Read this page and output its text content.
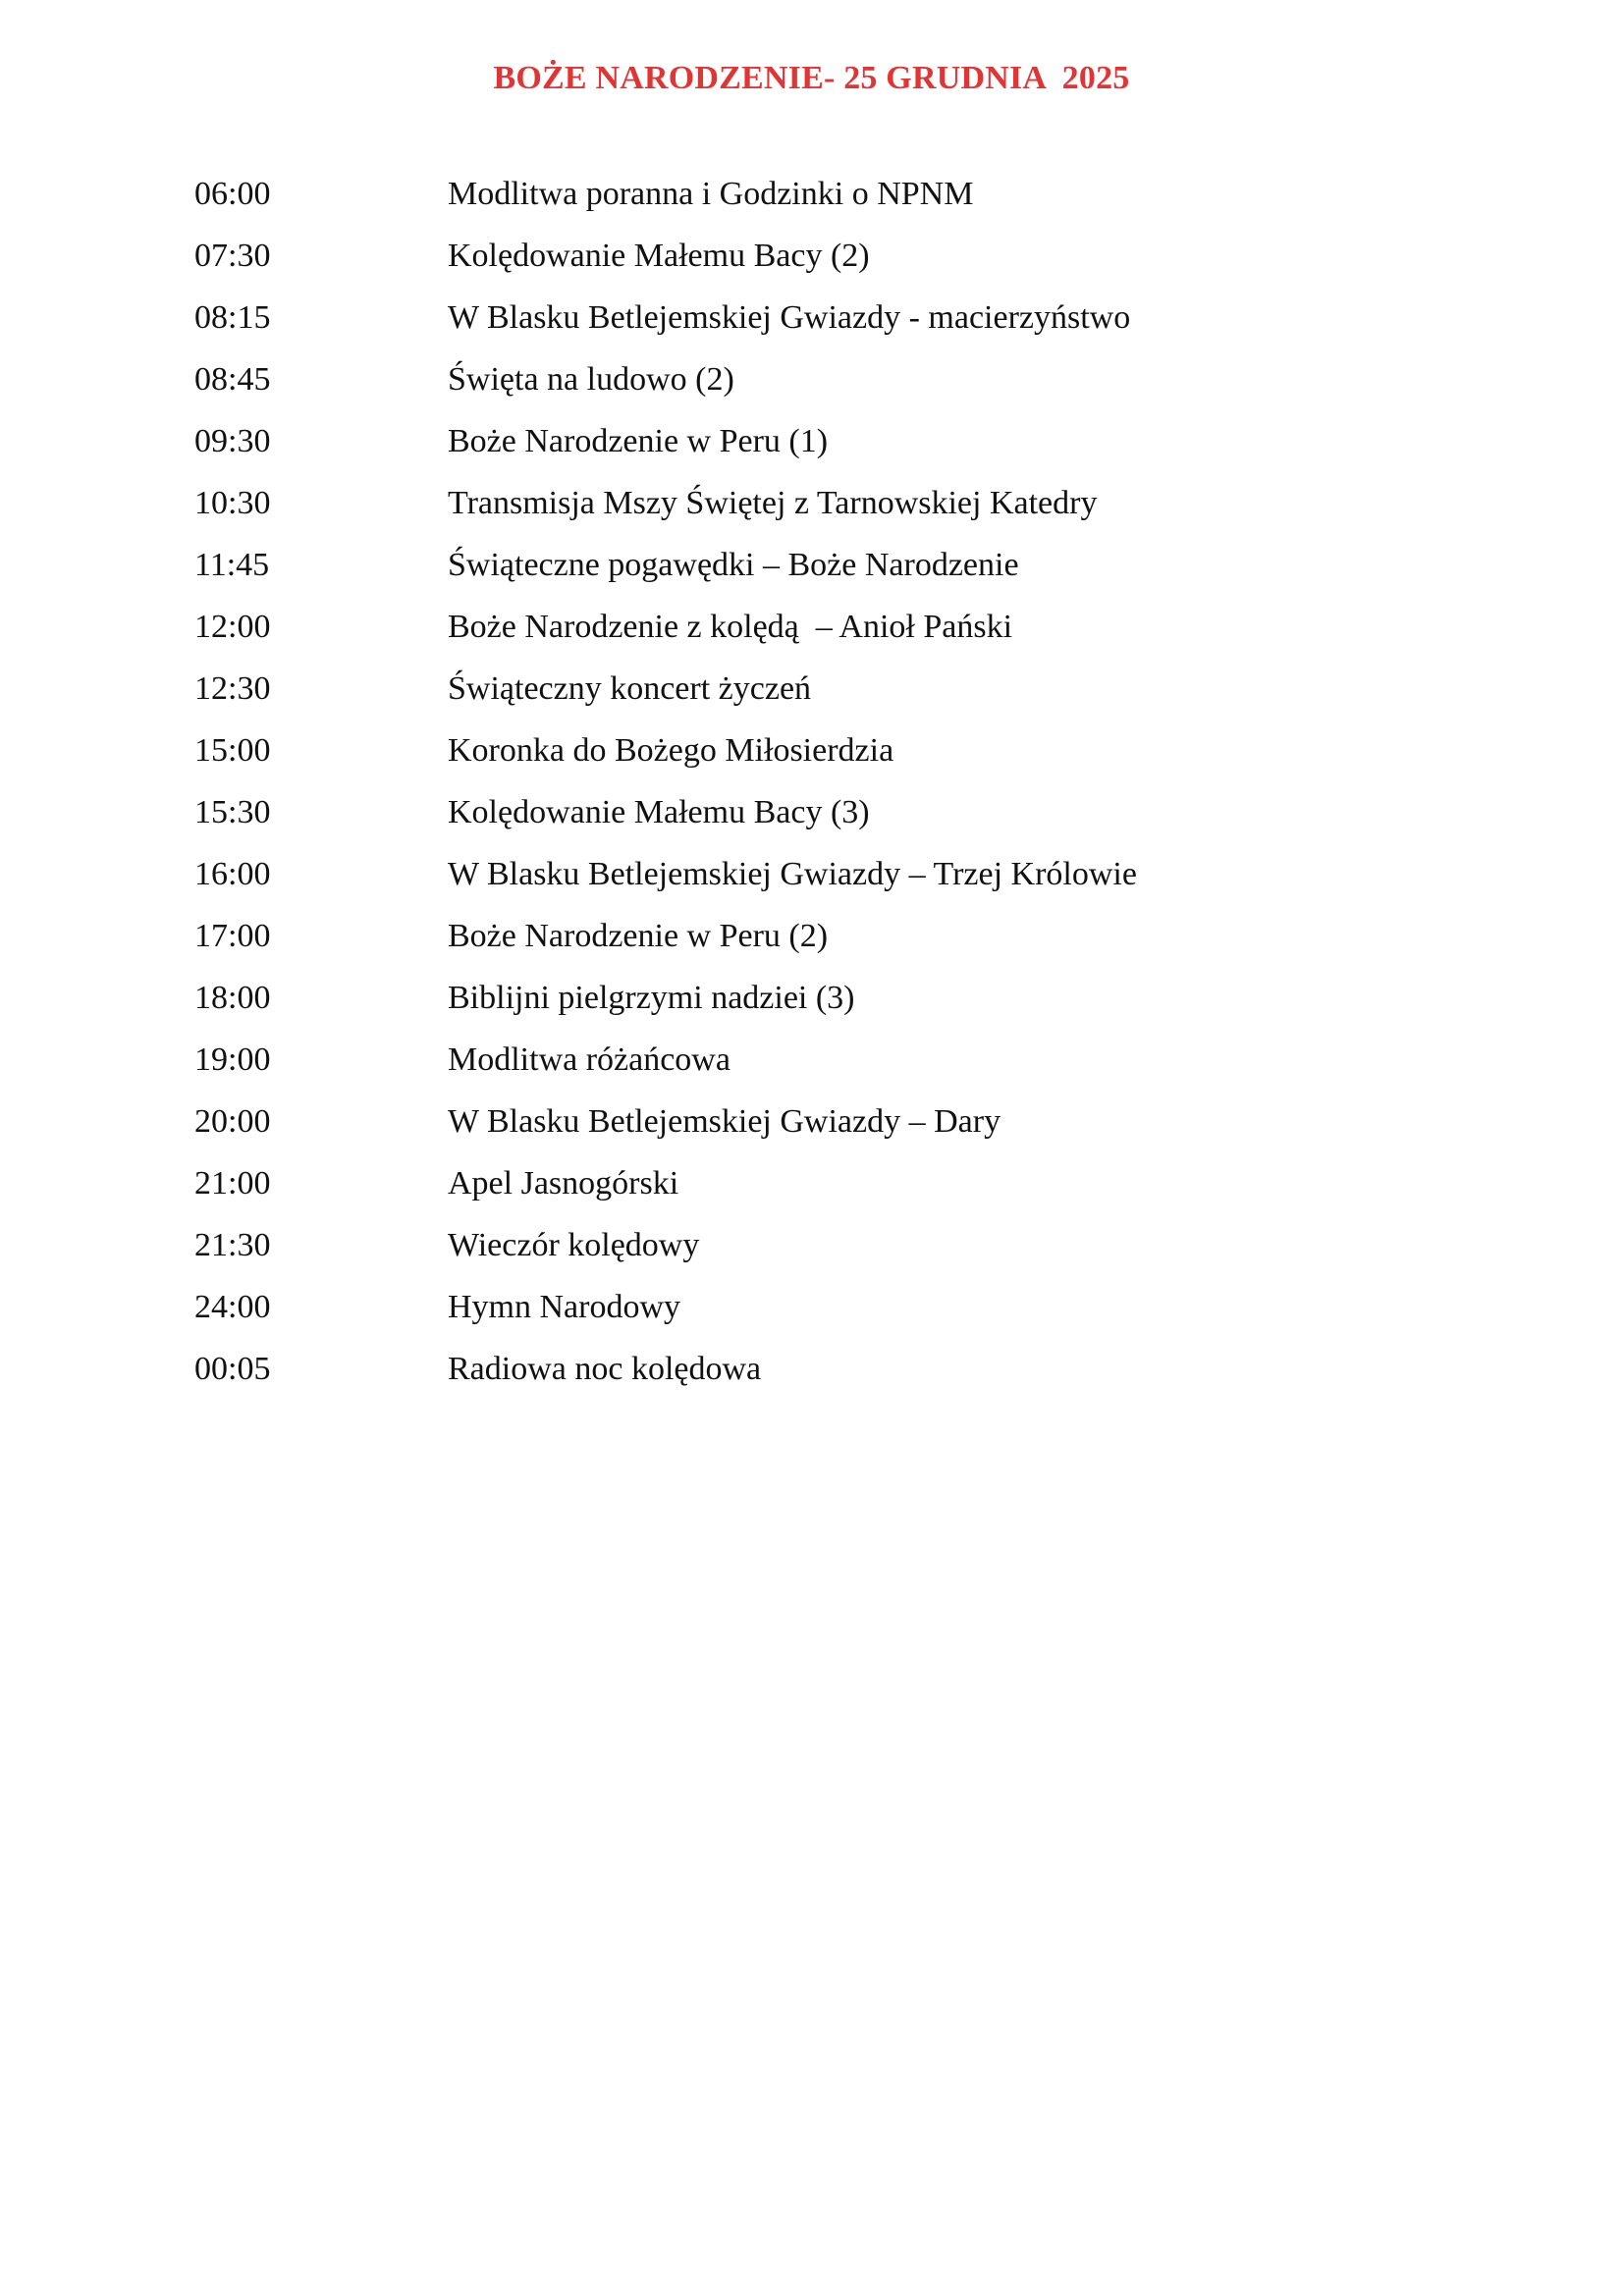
BOŻE NARODZENIE- 25 GRUDNIA  2025
06:00	Modlitwa poranna i Godzinki o NPNM
07:30	Kolędowanie Małemu Bacy (2)
08:15	W Blasku Betlejemskiej Gwiazdy - macierzyństwo
08:45	Święta na ludowo (2)
09:30	Boże Narodzenie w Peru (1)
10:30	Transmisja Mszy Świętej z Tarnowskiej Katedry
11:45	Świąteczne pogawędki – Boże Narodzenie
12:00	Boże Narodzenie z kolędą  – Anioł Pański
12:30	Świąteczny koncert życzeń
15:00	Koronka do Bożego Miłosierdzia
15:30	Kolędowanie Małemu Bacy (3)
16:00	W Blasku Betlejemskiej Gwiazdy – Trzej Królowie
17:00	Boże Narodzenie w Peru (2)
18:00	Biblijni pielgrzymi nadziei (3)
19:00	Modlitwa różańcowa
20:00	W Blasku Betlejemskiej Gwiazdy – Dary
21:00	Apel Jasnogórski
21:30	Wieczór kolędowy
24:00	Hymn Narodowy
00:05	Radiowa noc kolędowa
